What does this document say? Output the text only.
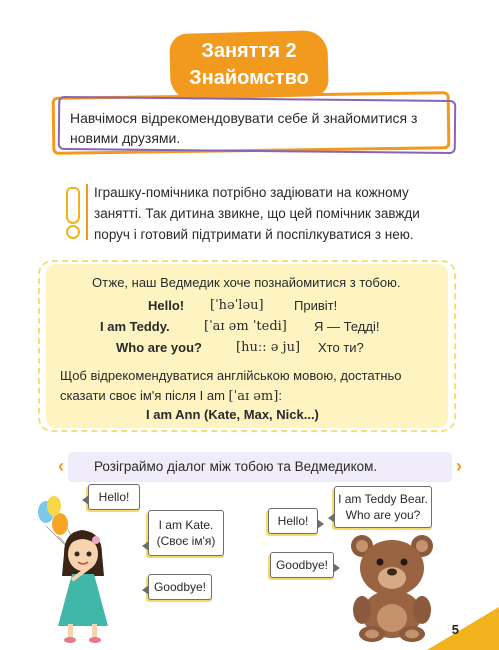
Заняття 2
Знайомство
Навчімося відрекомендовувати себе й знайомитися з новими друзями.
Іграшку-помічника потрібно задіювати на кожному занятті. Так дитина звикне, що цей помічник завжди поруч і готовий підтримати й поспілкуватися з нею.
Отже, наш Ведмедик хоче познайомитися з тобою.
Hello! [ˈhəˈləu] Привіт!
I am Teddy.	[ˈaɪ əm ˈtedi] Я — Тедді!
Who are you?	[huː: ə ju] Хто ти?
Щоб відрекомендуватися англійською мовою, достатньо сказати своє ім'я після I am [ˈaɪ əm]:
I am Ann (Kate, Max, Nick...)
‹	›
Розіграймо діалог між тобою та Ведмедиком.
Hello!
I am Kate.
(Своє ім'я)
Goodbye!
I am Teddy Bear.
Who are you?
Hello!
Goodbye!
5
